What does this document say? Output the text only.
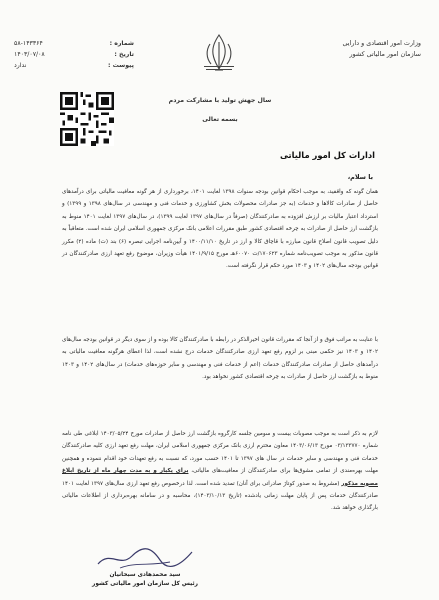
شماره :
۵۸-۱۴۳۳۶۴
تاریخ :
۱۴۰۳/۰۷/۰۸
پیوست :
ندارد
وزارت امور اقتصادی و دارایی
سازمان امور مالیاتی کشور
سال جهش تولید با مشارکت مردم
بسمه تعالی
ادارات کل امور مالیاتی
با سلام،
همان گونه که واقفید، به موجب احکام قوانین بودجه سنوات ۱۳۹۸ لغایت ۱۴۰۱، برخورداری از هر گونه معافیت مالیاتی برای درآمدهای حاصل از صادرات کالاها و خدمات (به جز صادرات محصولات بخش کشاورزی و خدمات فنی و مهندسی در سال‌های ۱۳۹۸ و ۱۳۹۹) و استرداد اعتبار مالیات بر ارزش افزوده به صادرکنندگان (صرفاً در سال‌های ۱۳۹۷ لغایت ۱۳۹۹)، در سال‌های ۱۳۹۷ لغایت ۱۴۰۱ منوط به بازگشت ارز حاصل از صادرات به چرخه اقتصادی کشور طبق مقررات اعلامی بانک مرکزی جمهوری اسلامی ایران شده است. متعاقباً به دلیل تصویب قانون اصلاح قانون مبارزه با قاچاق کالا و ارز در تاریخ ۱۴۰۰/۱۱/۱۰ و آیین‌نامه اجرایی تبصره (۶) بند (ت) ماده (۲) مکرر قانون مذکور به موجب تصویب‌نامه شماره ۱۷۰۶۲۳/ت ۶۰۰۷۰هـ مورخ ۱۴۰۱/۹/۱۵ هیأت وزیران، موضوع رفع تعهد ارزی صادرکنندگان در قوانین بودجه سال‌های ۱۴۰۲ و ۱۴۰۳ مورد حکم قرار نگرفته است.
با عنایت به مراتب فوق و از آنجا که مقررات قانون اخیرالذکر در رابطه با صادرکنندگان کالا بوده و از سوی دیگر در قوانین بودجه سال‌های ۱۴۰۲ و ۱۴۰۳ نیز حکمی مبنی بر لزوم رفع تعهد ارزی صادرکنندگان خدمات درج نشده است، لذا اعطای هرگونه معافیت مالیاتی به درآمدهای حاصل از صادرات صادرکنندگان خدمات (اعم از خدمات فنی و مهندسی و سایر حوزه‌های خدمات) در سال‌های ۱۴۰۲ و ۱۴۰۳ منوط به بازگشت ارز حاصل از صادرات به چرخه اقتصادی کشور نخواهد بود.
لازم به ذکر است به موجب مصوبات بیست و سومین جلسه کارگروه بازگشت ارز حاصل از صادرات مورخ ۱۴۰۳/۰۵/۲۴ ابلاغی طی نامه شماره ۰۳/۱۳۳۷۷۰ مورخ ۱۴۰۳/۰۶/۱۳ معاون محترم ارزی بانک مرکزی جمهوری اسلامی ایران، مهلت رفع تعهد ارزی کلیه صادرکنندگان خدمات فنی و مهندسی و سایر خدمات در سال های ۱۳۹۷ تا ۱۴۰۱ حسب مورد، که نسبت به رفع تعهدات خود اقدام ننموده و همچنین مهلت بهره‌مندی از تمامی مشوق‌ها برای صادرکنندگان از معافیت‌های مالیاتی، برای یکبار و به مدت چهار ماه از تاریخ ابلاغ مصوبه مذکور (مشروط به صدور کوتاژ صادراتی برای آنان) تمدید شده است. لذا درخصوص رفع تعهد ارزی سال‌های ۱۳۹۷ لغایت ۱۴۰۱ صادرکنندگان خدمات پس از پایان مهلت زمانی یادشده (تاریخ ۱۴۰۳/۱۰/۱۳)، محاسبه و در سامانه بهره‌برداری از اطلاعات مالیاتی بارگذاری خواهد شد.
سید محمدهادی سبحانیان
رئیس کل سازمان امور مالیاتی کشور
